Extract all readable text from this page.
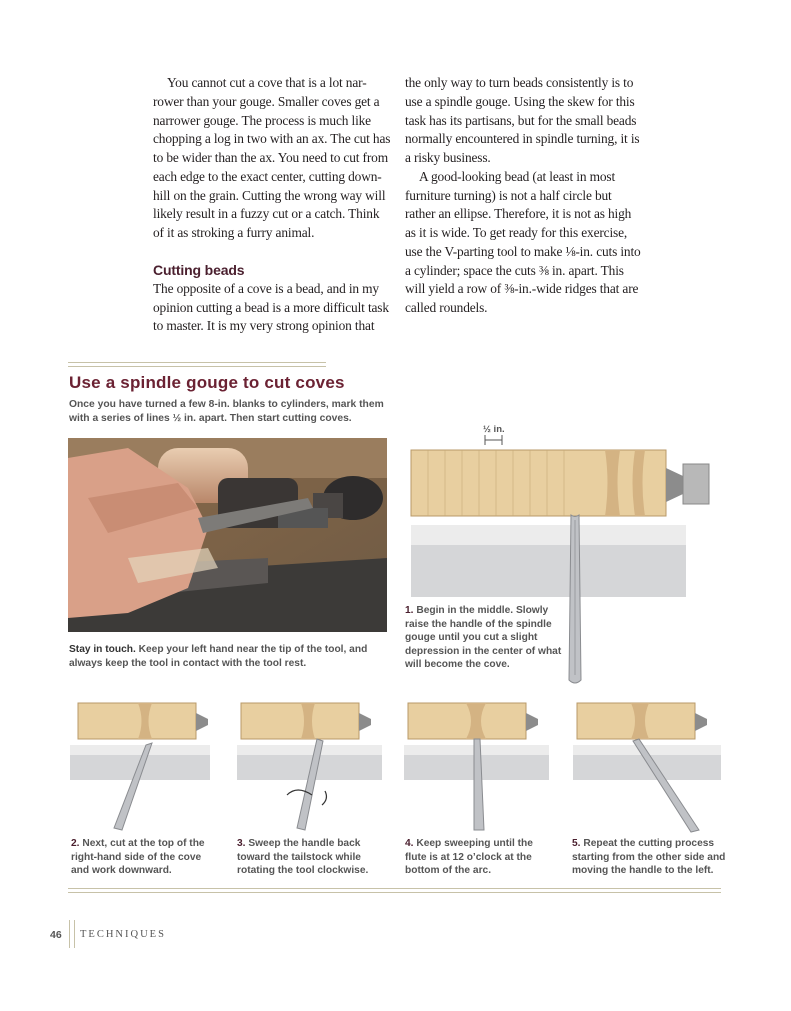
You cannot cut a cove that is a lot nar-rower than your gouge. Smaller coves get a narrower gouge. The process is much like chopping a log in two with an ax. The cut has to be wider than the ax. You need to cut from each edge to the exact center, cutting down-hill on the grain. Cutting the wrong way will likely result in a fuzzy cut or a catch. Think of it as stroking a furry animal.

Cutting beads

The opposite of a cove is a bead, and in my opinion cutting a bead is a more difficult task to master. It is my very strong opinion that

the only way to turn beads consistently is to use a spindle gouge. Using the skew for this task has its partisans, but for the small beads normally encountered in spindle turning, it is a risky business.

A good-looking bead (at least in most furniture turning) is not a half circle but rather an ellipse. Therefore, it is not as high as it is wide. To get ready for this exercise, use the V-parting tool to make ⅛-in. cuts into a cylinder; space the cuts ⅜ in. apart. This will yield a row of ⅜-in.-wide ridges that are called roundels.

Use a spindle gouge to cut coves
Once you have turned a few 8-in. blanks to cylinders, mark them with a series of lines ½ in. apart. Then start cutting coves.
Stay in touch. Keep your left hand near the tip of the tool, and always keep the tool in contact with the tool rest.
½ in.
1. Begin in the middle. Slowly raise the handle of the spindle gouge until you cut a slight depression in the center of what will become the cove.
2. Next, cut at the top of the right-hand side of the cove and work downward.
3. Sweep the handle back toward the tailstock while rotating the tool clockwise.
4. Keep sweeping until the flute is at 12 o’clock at the bottom of the arc.
5. Repeat the cutting process starting from the other side and moving the handle to the left.
46 TECHNIQUES
